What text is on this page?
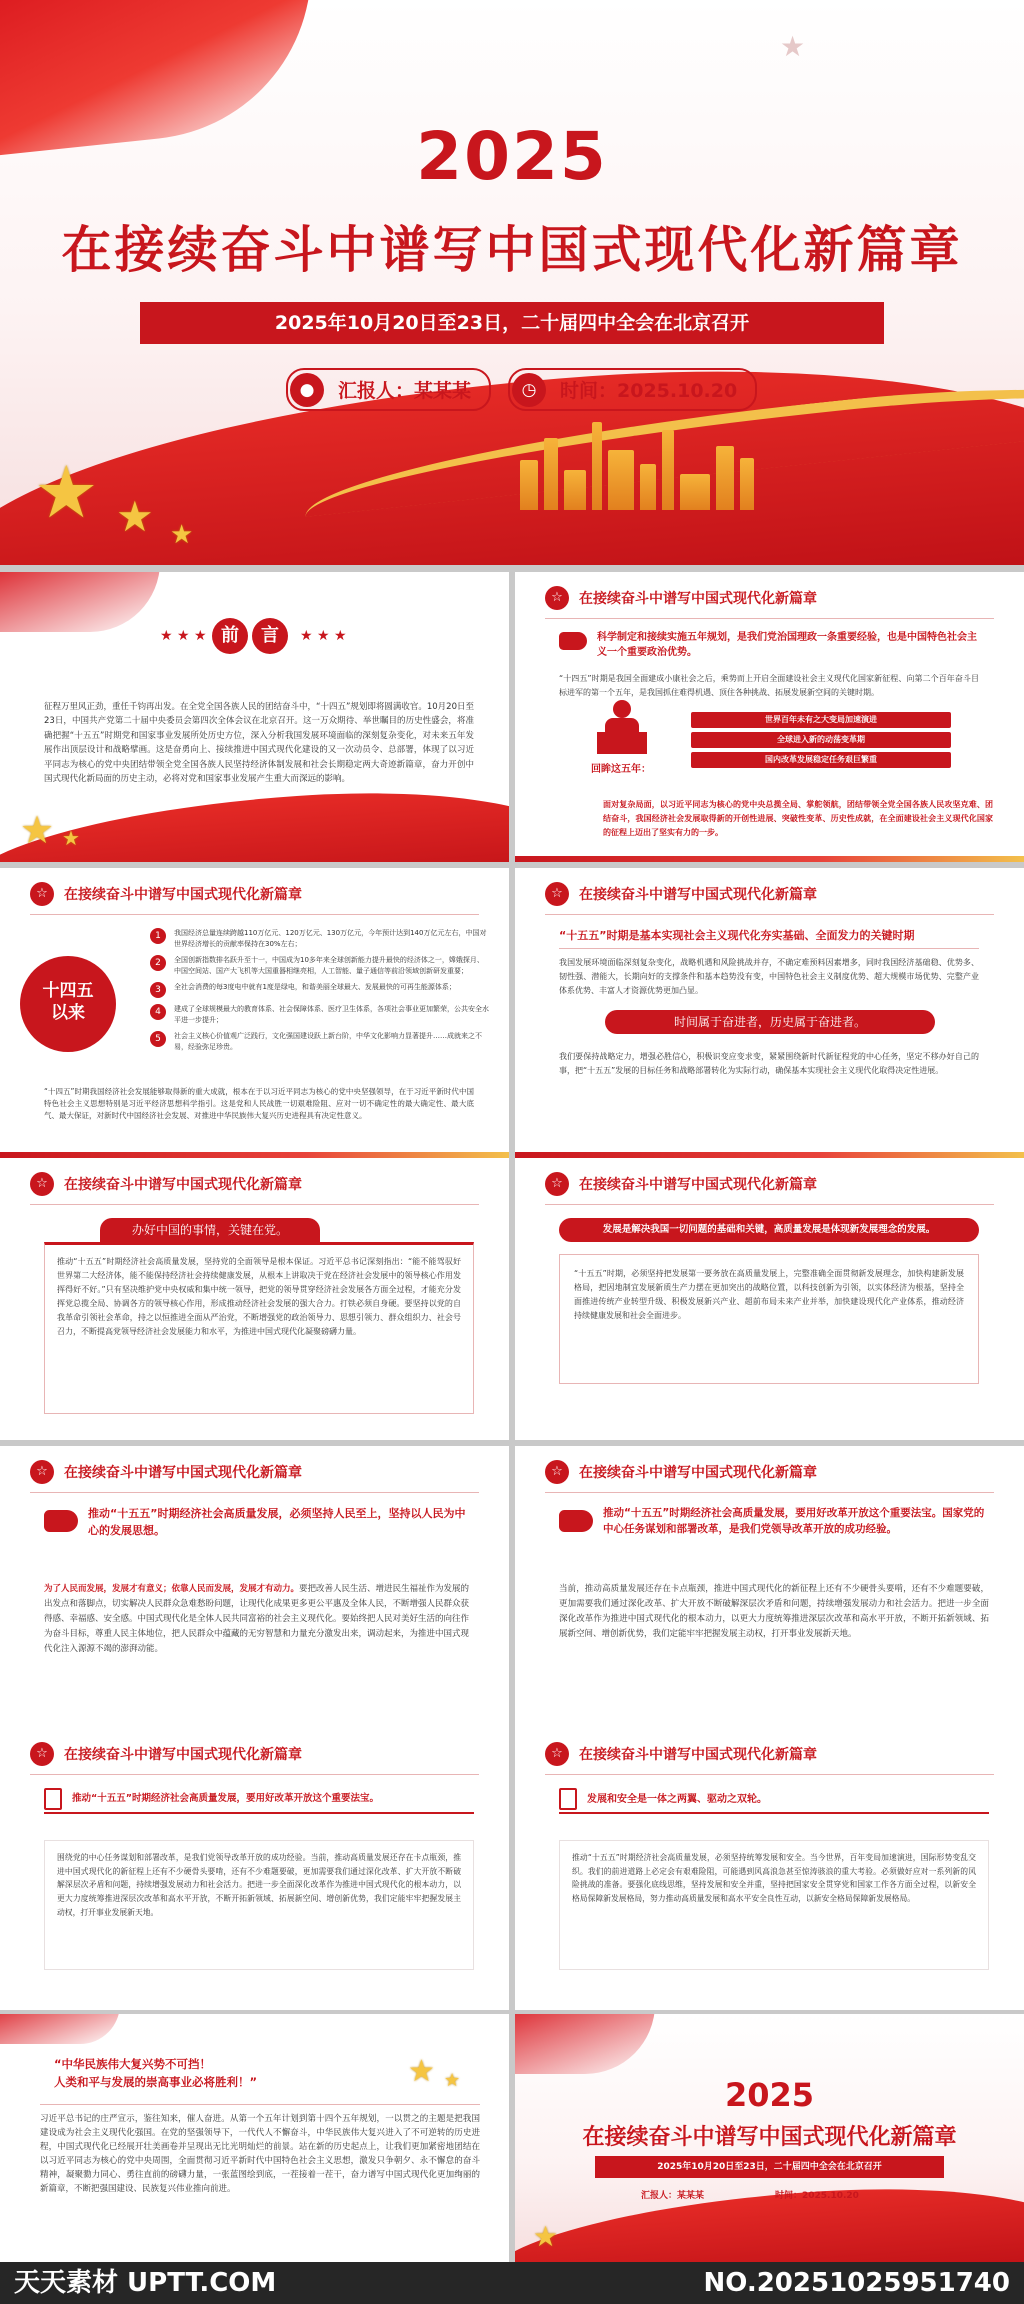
★ ★ ★
★
2025
在接续奋斗中谱写中国式现代化新篇章
2025年10月20日至23日，二十届四中全会在北京召开
●	汇报人：某某某	◷	时间：2025.10.20
★ ★ ★ 前	言	★ ★ ★
征程万里风正劲，重任千钧再出发。在全党全国各族人民的团结奋斗中，“十四五”规划即将圆满收官。10月20日至23日，中国共产党第二十届中央委员会第四次全体会议在北京召开。这一万众期待、举世瞩目的历史性盛会，将准确把握“十五五”时期党和国家事业发展所处历史方位，深入分析我国发展环境面临的深刻复杂变化，对未来五年发展作出顶层设计和战略擘画。这是奋勇向上、接续推进中国式现代化建设的又一次动员令、总部署，体现了以习近平同志为核心的党中央团结带领全党全国各族人民坚持经济体制发展和社会长期稳定两大奇迹新篇章，奋力开创中国式现代化新局面的历史主动，必将对党和国家事业发展产生重大而深远的影响。
★ ★
☆	在接续奋斗中谱写中国式现代化新篇章
科学制定和接续实施五年规划，是我们党治国理政一条重要经验，也是中国特色社会主义一个重要政治优势。
“十四五”时期是我国全面建成小康社会之后，乘势而上开启全面建设社会主义现代化国家新征程、向第二个百年奋斗目标进军的第一个五年，是我国抓住难得机遇、顶住各种挑战、拓展发展新空间的关键时期。
回眸这五年：
世界百年未有之大变局加速演进
全球进入新的动荡变革期
国内改革发展稳定任务艰巨繁重
面对复杂局面，以习近平同志为核心的党中央总揽全局、掌舵领航，团结带领全党全国各族人民攻坚克难、团结奋斗，我国经济社会发展取得新的开创性进展、突破性变革、历史性成就，在全面建设社会主义现代化国家的征程上迈出了坚实有力的一步。
☆	在接续奋斗中谱写中国式现代化新篇章
十四五
以来
1	我国经济总量连续跨越110万亿元、120万亿元、130万亿元，今年预计达到140万亿元左右，中国对世界经济增长的贡献率保持在30%左右；
2	全国创新指数排名跃升至十一，中国成为10多年来全球创新能力提升最快的经济体之一，嫦娥探月、中国空间站、国产大飞机等大国重器相继亮相，人工智能、量子通信等前沿领域创新研发重要；
3	全社会消费的每3度电中就有1度是绿电，和谐美丽全球最大、发展最快的可再生能源体系；
4	建成了全球规模最大的教育体系、社会保障体系、医疗卫生体系，各项社会事业更加繁荣，公共安全水平进一步提升；
5	社会主义核心价值观广泛践行，文化强国建设跃上新台阶，中华文化影响力显著提升……成就来之不易，经验弥足珍贵。
“十四五”时期我国经济社会发展能够取得新的重大成就，根本在于以习近平同志为核心的党中央坚强领导，在于习近平新时代中国特色社会主义思想特别是习近平经济思想科学指引。这是党和人民战胜一切艰难险阻、应对一切不确定性的最大确定性、最大底气、最大保证，对新时代中国经济社会发展、对推进中华民族伟大复兴历史进程具有决定性意义。
☆	在接续奋斗中谱写中国式现代化新篇章
“十五五”时期是基本实现社会主义现代化夯实基础、全面发力的关键时期
我国发展环境面临深刻复杂变化，战略机遇和风险挑战并存，不确定难预料因素增多，同时我国经济基础稳、优势多、韧性强、潜能大，长期向好的支撑条件和基本趋势没有变，中国特色社会主义制度优势、超大规模市场优势、完整产业体系优势、丰富人才资源优势更加凸显。
时间属于奋进者，历史属于奋进者。
我们要保持战略定力，增强必胜信心，积极识变应变求变，紧紧围绕新时代新征程党的中心任务，坚定不移办好自己的事，把“十五五”发展的目标任务和战略部署转化为实际行动，确保基本实现社会主义现代化取得决定性进展。
☆	在接续奋斗中谱写中国式现代化新篇章
办好中国的事情，关键在党。
推动“十五五”时期经济社会高质量发展，坚持党的全面领导是根本保证。习近平总书记深刻指出：“能不能驾驭好世界第二大经济体，能不能保持经济社会持续健康发展，从根本上讲取决于党在经济社会发展中的领导核心作用发挥得好不好。”只有坚决维护党中央权威和集中统一领导，把党的领导贯穿经济社会发展各方面全过程，才能充分发挥党总揽全局、协调各方的领导核心作用，形成推动经济社会发展的强大合力。打铁必须自身硬。要坚持以党的自我革命引领社会革命，持之以恒推进全面从严治党，不断增强党的政治领导力、思想引领力、群众组织力、社会号召力，不断提高党领导经济社会发展能力和水平，为推进中国式现代化凝聚磅礴力量。
☆	在接续奋斗中谱写中国式现代化新篇章
发展是解决我国一切问题的基础和关键，高质量发展是体现新发展理念的发展。
“十五五”时期，必须坚持把发展第一要务放在高质量发展上，完整准确全面贯彻新发展理念，加快构建新发展格局，把因地制宜发展新质生产力摆在更加突出的战略位置，以科技创新为引领，以实体经济为根基，坚持全面推进传统产业转型升级、积极发展新兴产业、超前布局未来产业并举，加快建设现代化产业体系，推动经济持续健康发展和社会全面进步。
☆	在接续奋斗中谱写中国式现代化新篇章
推动“十五五”时期经济社会高质量发展，必须坚持人民至上，坚持以人民为中心的发展思想。
为了人民而发展，发展才有意义；依靠人民而发展，发展才有动力。要把改善人民生活、增进民生福祉作为发展的出发点和落脚点，切实解决人民群众急难愁盼问题，让现代化成果更多更公平惠及全体人民，不断增强人民群众获得感、幸福感、安全感。中国式现代化是全体人民共同富裕的社会主义现代化。要始终把人民对美好生活的向往作为奋斗目标，尊重人民主体地位，把人民群众中蕴藏的无穷智慧和力量充分激发出来，调动起来，为推进中国式现代化注入源源不竭的澎湃动能。
☆	在接续奋斗中谱写中国式现代化新篇章
推动“十五五”时期经济社会高质量发展，要用好改革开放这个重要法宝。国家党的中心任务谋划和部署改革，是我们党领导改革开放的成功经验。
当前，推动高质量发展还存在卡点瓶颈，推进中国式现代化的新征程上还有不少硬骨头要啃，还有不少难题要破，更加需要我们通过深化改革、扩大开放不断破解深层次矛盾和问题，持续增强发展动力和社会活力。把进一步全面深化改革作为推进中国式现代化的根本动力，以更大力度统筹推进深层次改革和高水平开放，不断开拓新领域、拓展新空间、增创新优势，我们定能牢牢把握发展主动权，打开事业发展新天地。
☆	在接续奋斗中谱写中国式现代化新篇章
推动“十五五”时期经济社会高质量发展，要用好改革开放这个重要法宝。
围绕党的中心任务谋划和部署改革，是我们党领导改革开放的成功经验。当前，推动高质量发展还存在卡点瓶颈，推进中国式现代化的新征程上还有不少硬骨头要啃，还有不少难题要破，更加需要我们通过深化改革、扩大开放不断破解深层次矛盾和问题，持续增强发展动力和社会活力。把进一步全面深化改革作为推进中国式现代化的根本动力，以更大力度统筹推进深层次改革和高水平开放，不断开拓新领域、拓展新空间、增创新优势，我们定能牢牢把握发展主动权，打开事业发展新天地。
☆	在接续奋斗中谱写中国式现代化新篇章
发展和安全是一体之两翼、驱动之双轮。
推动“十五五”时期经济社会高质量发展，必须坚持统筹发展和安全。当今世界，百年变局加速演进，国际形势变乱交织。我们的前进道路上必定会有艰难险阻，可能遇到风高浪急甚至惊涛骇浪的重大考验。必须做好应对一系列新的风险挑战的准备。要强化底线思维，坚持发展和安全并重，坚持把国家安全贯穿党和国家工作各方面全过程，以新安全格局保障新发展格局，努力推动高质量发展和高水平安全良性互动，以新安全格局保障新发展格局。
“中华民族伟大复兴势不可挡！
人类和平与发展的崇高事业必将胜利！”	★ ★
习近平总书记的庄严宣示，鉴往知来，催人奋进。从第一个五年计划到第十四个五年规划，一以贯之的主题是把我国建设成为社会主义现代化强国。在党的坚强领导下，一代代人不懈奋斗，中华民族伟大复兴进入了不可逆转的历史进程，中国式现代化已经展开壮美画卷并呈现出无比光明灿烂的前景。站在新的历史起点上，让我们更加紧密地团结在以习近平同志为核心的党中央周围，全面贯彻习近平新时代中国特色社会主义思想，激发只争朝夕、永不懈怠的奋斗精神，凝聚勠力同心、勇往直前的磅礴力量，一张蓝图绘到底，一茬接着一茬干，奋力谱写中国式现代化更加绚丽的新篇章，不断把强国建设、民族复兴伟业推向前进。
2025
在接续奋斗中谱写中国式现代化新篇章
2025年10月20日至23日，二十届四中全会在北京召开
汇报人：某某某	时间：2025.10.20
★
天天素材 UPTT.COM	NO.20251025951740
